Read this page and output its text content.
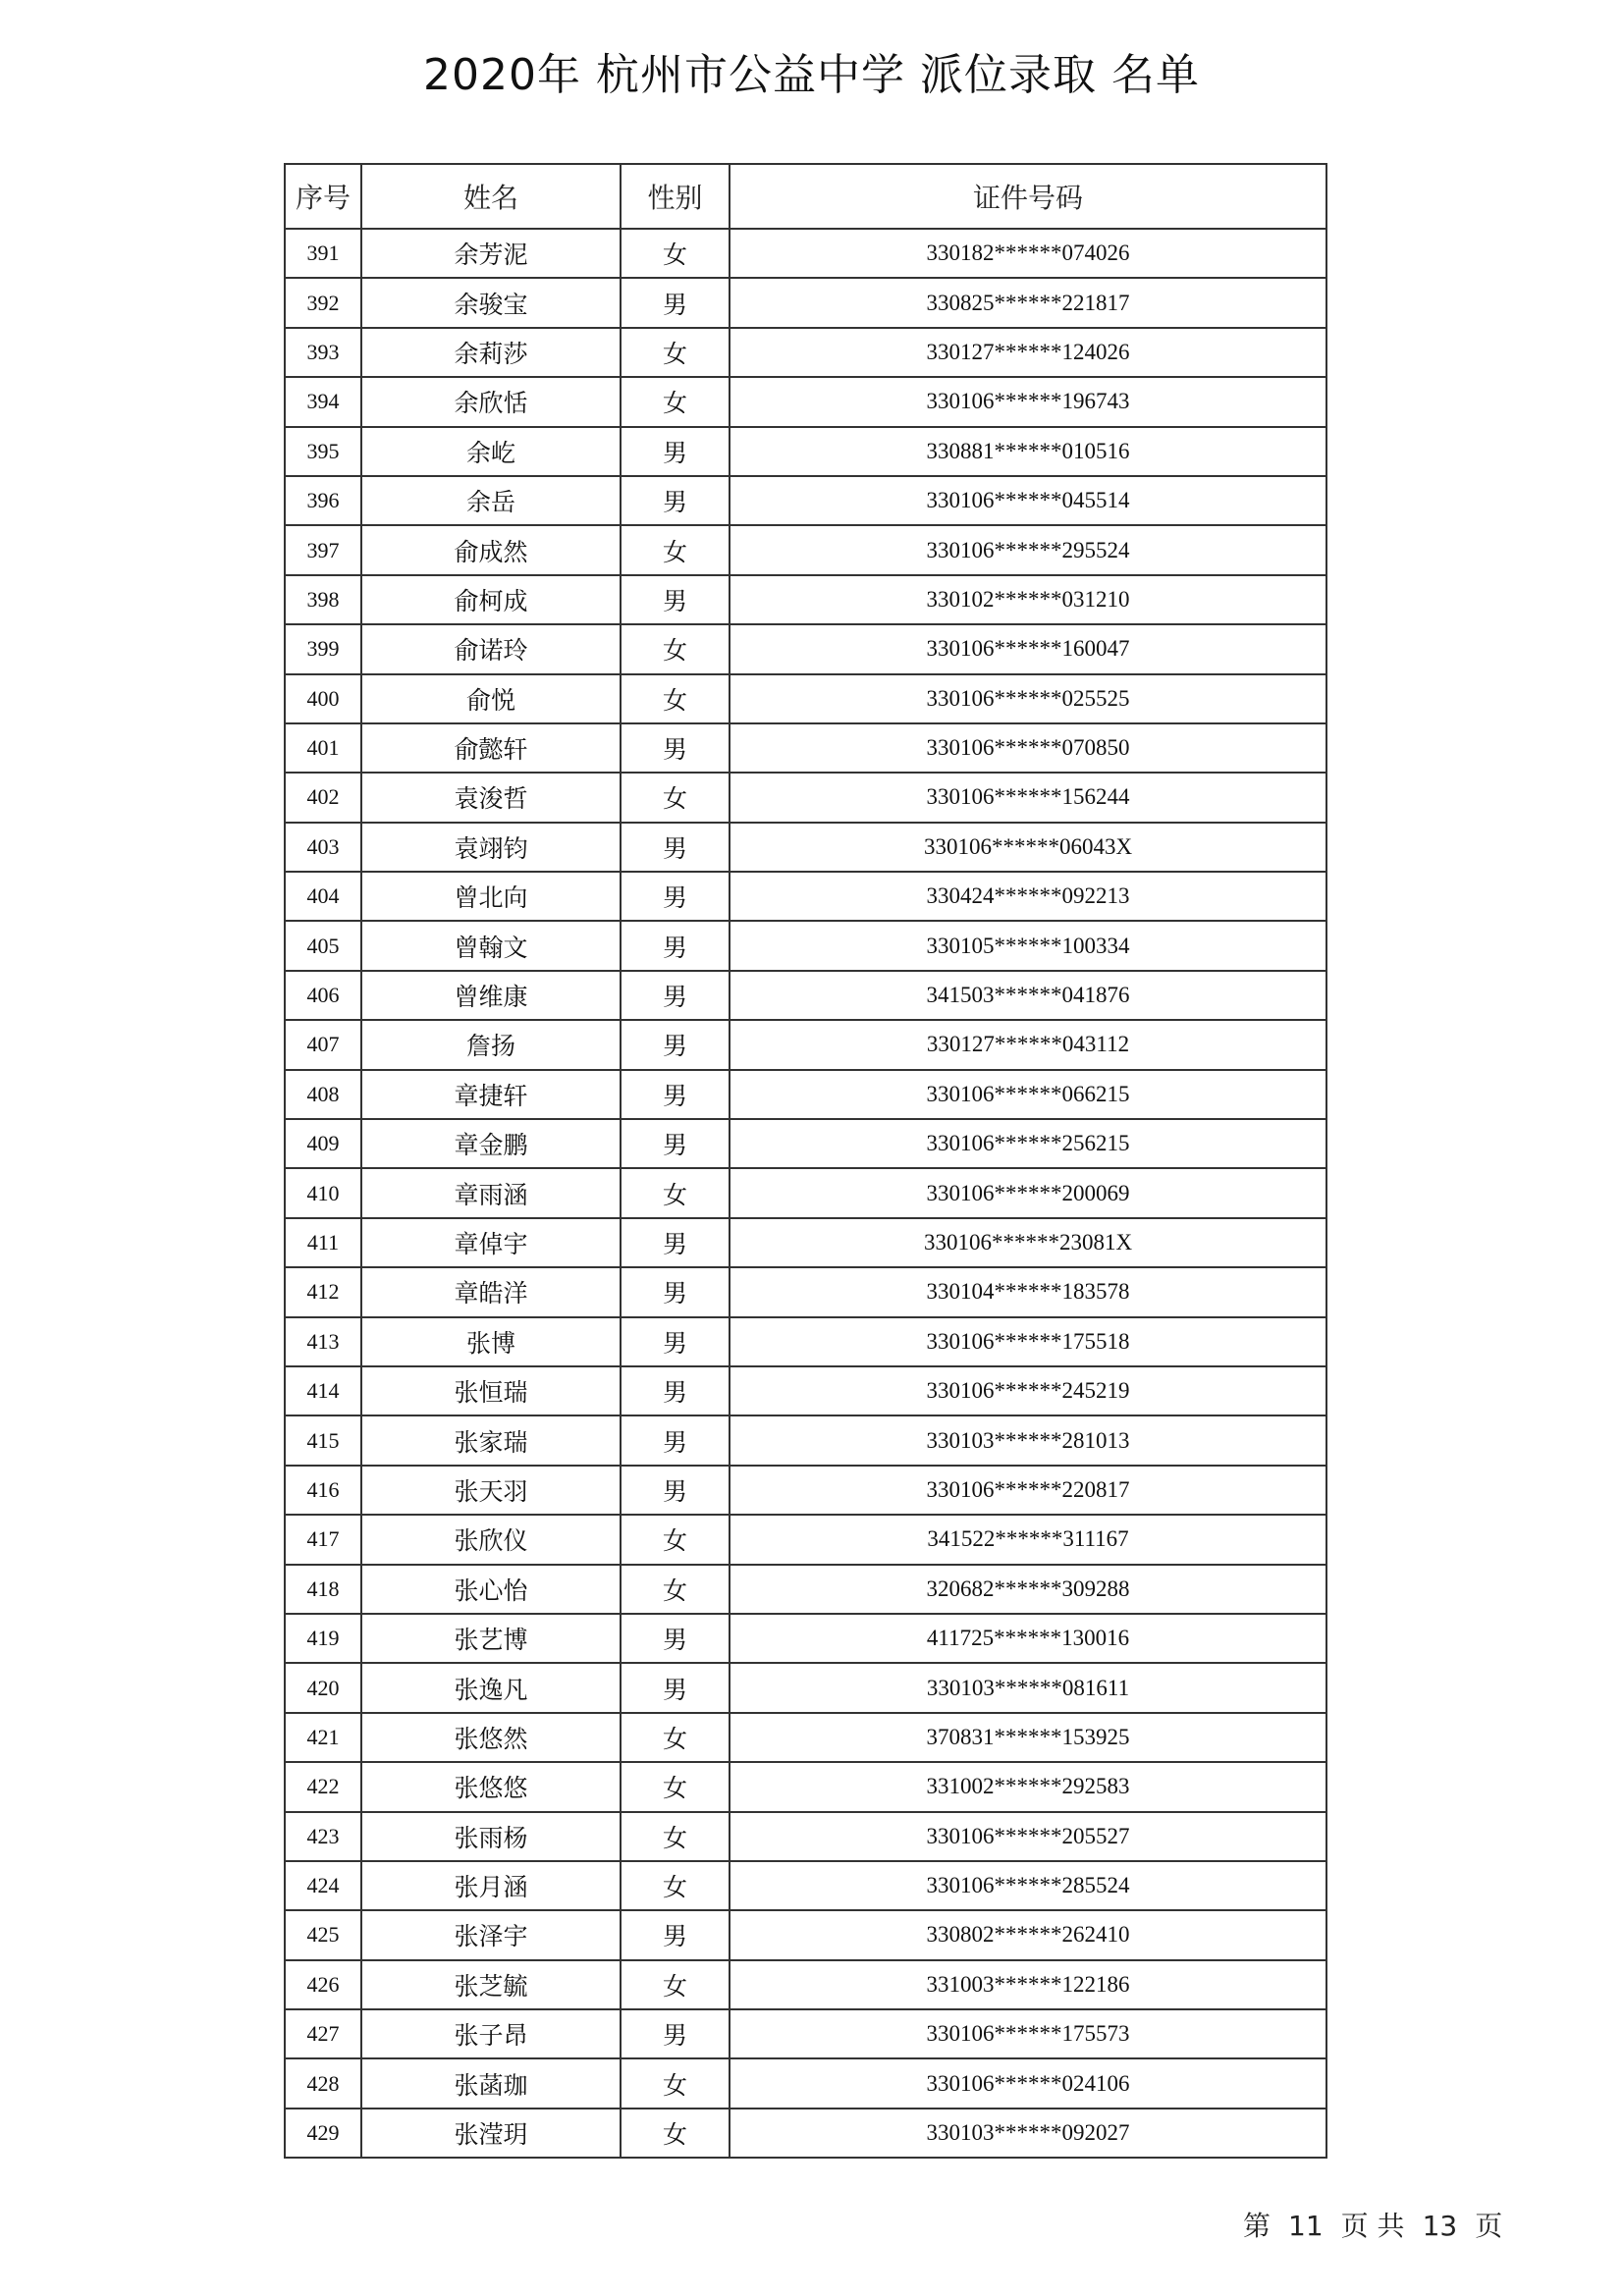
2020年 杭州市公益中学 派位录取 名单
序号	姓名	性别	证件号码
391	余芳泥	女	330182******074026
392	余骏宝	男	330825******221817
393	余莉莎	女	330127******124026
394	余欣恬	女	330106******196743
395	余屹	男	330881******010516
396	余岳	男	330106******045514
397	俞成然	女	330106******295524
398	俞柯成	男	330102******031210
399	俞诺玲	女	330106******160047
400	俞悦	女	330106******025525
401	俞懿轩	男	330106******070850
402	袁浚哲	女	330106******156244
403	袁翊钧	男	330106******06043X
404	曾北向	男	330424******092213
405	曾翰文	男	330105******100334
406	曾维康	男	341503******041876
407	詹扬	男	330127******043112
408	章捷轩	男	330106******066215
409	章金鹏	男	330106******256215
410	章雨涵	女	330106******200069
411	章倬宇	男	330106******23081X
412	章皓洋	男	330104******183578
413	张博	男	330106******175518
414	张恒瑞	男	330106******245219
415	张家瑞	男	330103******281013
416	张天羽	男	330106******220817
417	张欣仪	女	341522******311167
418	张心怡	女	320682******309288
419	张艺博	男	411725******130016
420	张逸凡	男	330103******081611
421	张悠然	女	370831******153925
422	张悠悠	女	331002******292583
423	张雨杨	女	330106******205527
424	张月涵	女	330106******285524
425	张泽宇	男	330802******262410
426	张芝毓	女	331003******122186
427	张子昂	男	330106******175573
428	张菡珈	女	330106******024106
429	张滢玥	女	330103******092027
第 11 页 共 13 页
